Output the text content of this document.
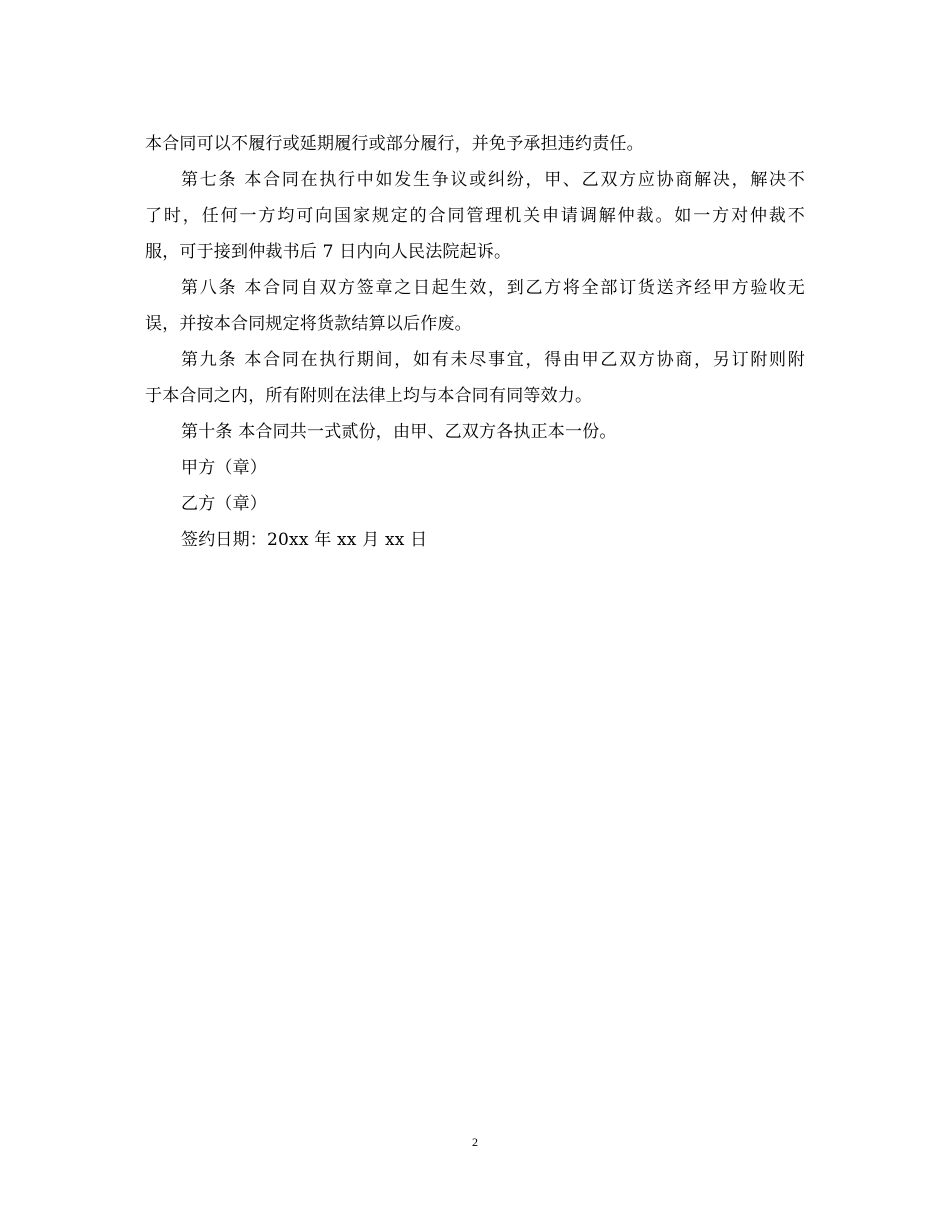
本合同可以不履行或延期履行或部分履行，并免予承担违约责任。

第七条 本合同在执行中如发生争议或纠纷，甲、乙双方应协商解决，解决不
了时，任何一方均可向国家规定的合同管理机关申请调解仲裁。如一方对仲裁不
服，可于接到仲裁书后 7 日内向人民法院起诉。

第八条 本合同自双方签章之日起生效，到乙方将全部订货送齐经甲方验收无
误，并按本合同规定将货款结算以后作废。

第九条 本合同在执行期间，如有未尽事宜，得由甲乙双方协商，另订附则附
于本合同之内，所有附则在法律上均与本合同有同等效力。

第十条 本合同共一式贰份，由甲、乙双方各执正本一份。

甲方（章）

乙方（章）

签约日期：20xx 年 xx 月 xx 日

2
